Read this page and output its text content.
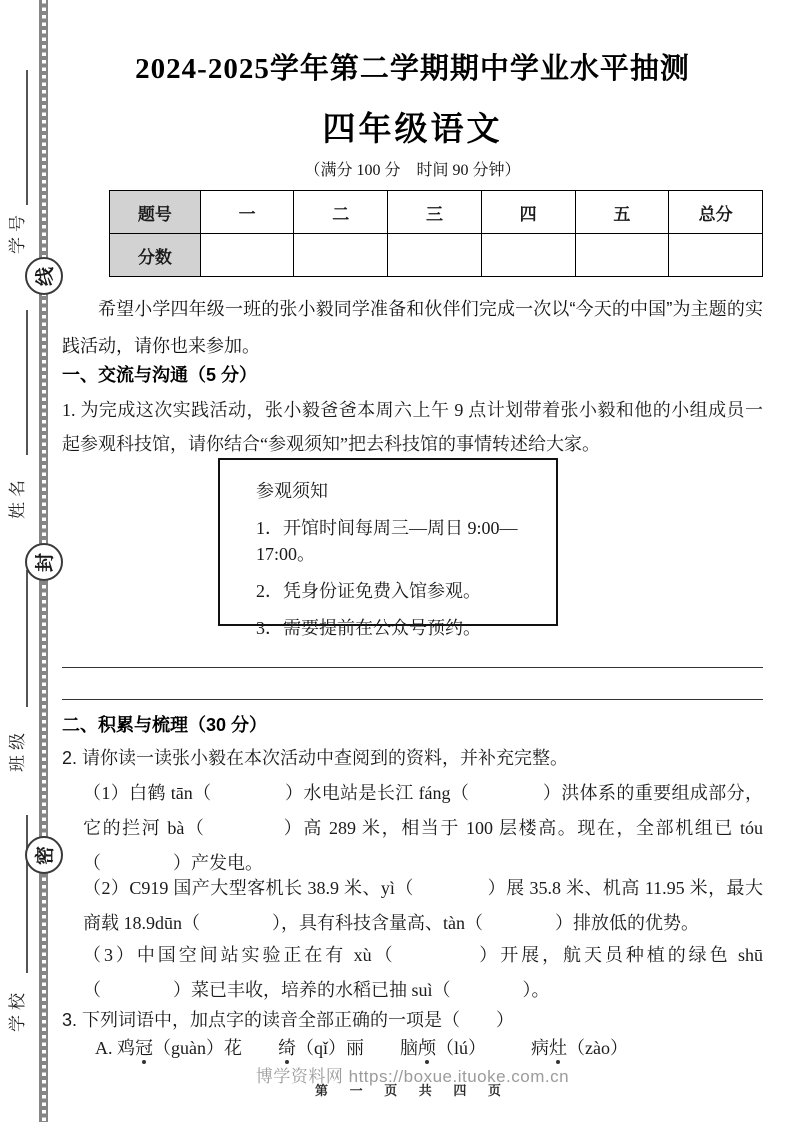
学号
线
姓名
封
班级
密
学校
2024-2025学年第二学期期中学业水平抽测
四年级语文
（满分 100 分　时间 90 分钟）
题号	一	二	三	四	五	总分
分数						
希望小学四年级一班的张小毅同学准备和伙伴们完成一次以“今天的中国”为主题的实践活动，请你也来参加。
一、交流与沟通（5 分）
1. 为完成这次实践活动，张小毅爸爸本周六上午 9 点计划带着张小毅和他的小组成员一起参观科技馆，请你结合“参观须知”把去科技馆的事情转述给大家。
参观须知
1．开馆时间每周三—周日 9:00—17:00。
2．凭身份证免费入馆参观。
3．需要提前在公众号预约。
二、积累与梳理（30 分）
2. 请你读一读张小毅在本次活动中查阅到的资料，并补充完整。
（1）白鹤 tān（　　　　）水电站是长江 fáng（　　　　）洪体系的重要组成部分，它的拦河 bà（　　　　）高 289 米，相当于 100 层楼高。现在，全部机组已 tóu（　　　　）产发电。
（2）C919 国产大型客机长 38.9 米、yì（　　　　）展 35.8 米、机高 11.95 米，最大商载 18.9dūn（　　　　），具有科技含量高、tàn（　　　　）排放低的优势。
（3）中国空间站实验正在有 xù（　　　　）开展，航天员种植的绿色 shū（　　　　）菜已丰收，培养的水稻已抽 suì（　　　　）。
3. 下列词语中，加点字的读音全部正确的一项是（　　）
A. 鸡冠（guàn）花　　绮（qǐ）丽　　脑颅（lú）　　　病灶（zào）
博学资料网 https://boxue.ituoke.com.cn
第 一 页 共 四 页
